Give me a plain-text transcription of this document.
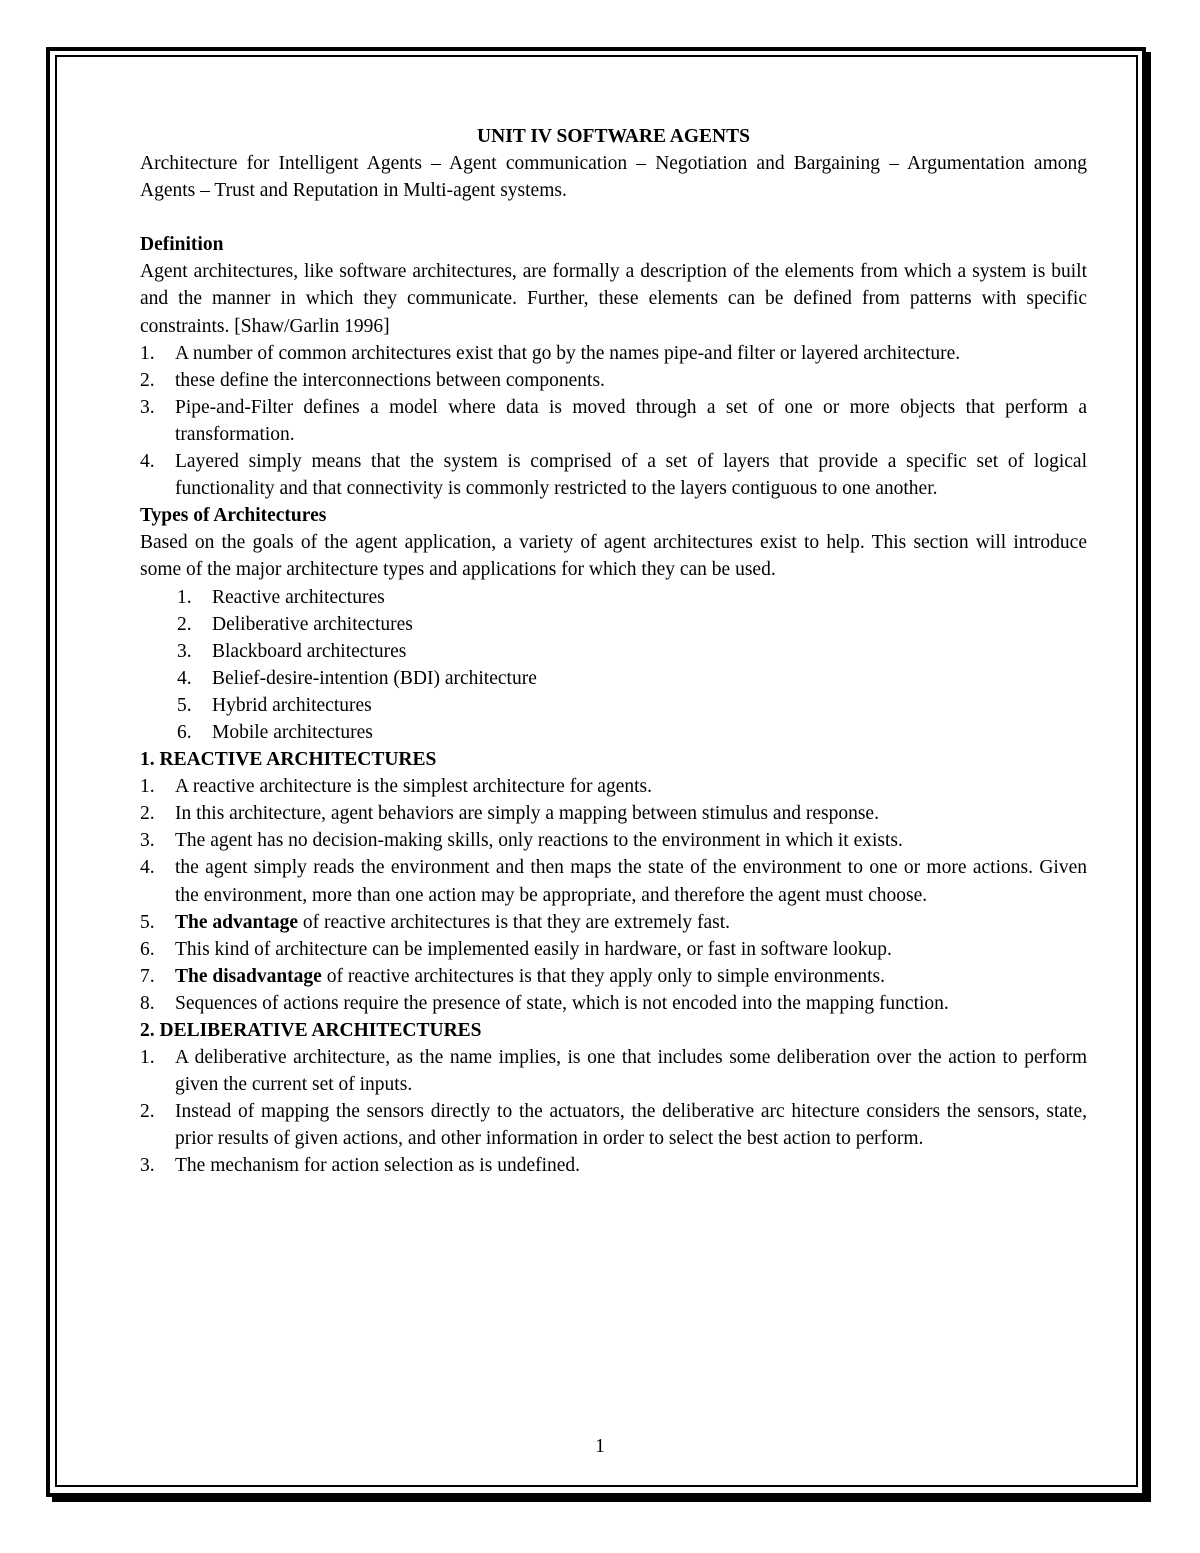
UNIT IV SOFTWARE AGENTS

Architecture for Intelligent Agents – Agent communication – Negotiation and Bargaining – Argumentation among Agents – Trust and Reputation in Multi-agent systems.

Definition

Agent architectures, like software architectures, are formally a description of the elements from which a system is built and the manner in which they communicate. Further, these elements can be defined from patterns with specific constraints. [Shaw/Garlin 1996]

1. A number of common architectures exist that go by the names pipe-and filter or layered architecture.
2. these define the interconnections between components.
3. Pipe-and-Filter defines a model where data is moved through a set of one or more objects that perform a transformation.
4. Layered simply means that the system is comprised of a set of layers that provide a specific set of logical functionality and that connectivity is commonly restricted to the layers contiguous to one another.

Types of Architectures

Based on the goals of the agent application, a variety of agent architectures exist to help. This section will introduce some of the major architecture types and applications for which they can be used.

1. Reactive architectures
2. Deliberative architectures
3. Blackboard architectures
4. Belief-desire-intention (BDI) architecture
5. Hybrid architectures
6. Mobile architectures

1. REACTIVE ARCHITECTURES

1. A reactive architecture is the simplest architecture for agents.
2. In this architecture, agent behaviors are simply a mapping between stimulus and response.
3. The agent has no decision-making skills, only reactions to the environment in which it exists.
4. the agent simply reads the environment and then maps the state of the environment to one or more actions. Given the environment, more than one action may be appropriate, and therefore the agent must choose.
5. The advantage of reactive architectures is that they are extremely fast.
6. This kind of architecture can be implemented easily in hardware, or fast in software lookup.
7. The disadvantage of reactive architectures is that they apply only to simple environments.
8. Sequences of actions require the presence of state, which is not encoded into the mapping function.

2. DELIBERATIVE ARCHITECTURES

1. A deliberative architecture, as the name implies, is one that includes some deliberation over the action to perform given the current set of inputs.
2. Instead of mapping the sensors directly to the actuators, the deliberative arc hitecture considers the sensors, state, prior results of given actions, and other information in order to select the best action to perform.
3. The mechanism for action selection as is undefined.
1
